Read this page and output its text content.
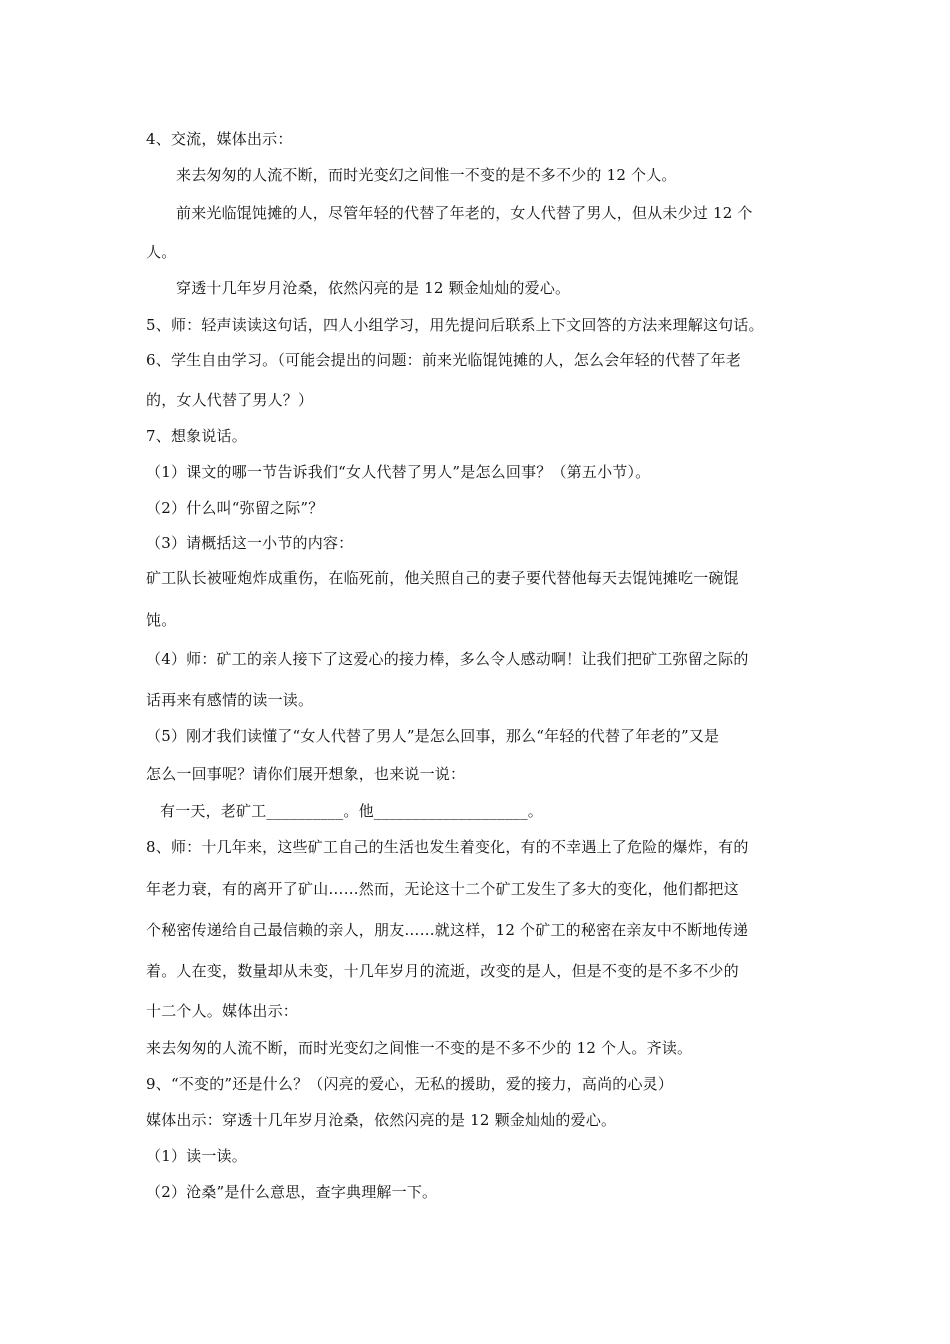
4、交流，媒体出示：
来去匆匆的人流不断，而时光变幻之间惟一不变的是不多不少的 12 个人。
前来光临馄饨摊的人，尽管年轻的代替了年老的，女人代替了男人，但从未少过 12 个
人。
穿透十几年岁月沧桑，依然闪亮的是 12 颗金灿灿的爱心。
5、师：轻声读读这句话，四人小组学习，用先提问后联系上下文回答的方法来理解这句话。
6、学生自由学习。（可能会提出的问题：前来光临馄饨摊的人，怎么会年轻的代替了年老
的，女人代替了男人？）
7、想象说话。
（1）课文的哪一节告诉我们“女人代替了男人”是怎么回事？（第五小节）。
（2）什么叫“弥留之际”？
（3）请概括这一小节的内容：
矿工队长被哑炮炸成重伤，在临死前，他关照自己的妻子要代替他每天去馄饨摊吃一碗馄
饨。
（4）师：矿工的亲人接下了这爱心的接力棒，多么令人感动啊！让我们把矿工弥留之际的
话再来有感情的读一读。
（5）刚才我们读懂了“女人代替了男人”是怎么回事，那么“年轻的代替了年老的”又是
怎么一回事呢？请你们展开想象，也来说一说：
有一天，老矿工__________。他____________________。
8、师：十几年来，这些矿工自己的生活也发生着变化，有的不幸遇上了危险的爆炸，有的
年老力衰，有的离开了矿山……然而，无论这十二个矿工发生了多大的变化，他们都把这
个秘密传递给自己最信赖的亲人，朋友……就这样，12 个矿工的秘密在亲友中不断地传递
着。人在变，数量却从未变，十几年岁月的流逝，改变的是人，但是不变的是不多不少的
十二个人。媒体出示：
来去匆匆的人流不断，而时光变幻之间惟一不变的是不多不少的 12 个人。齐读。
9、“不变的”还是什么？（闪亮的爱心，无私的援助，爱的接力，高尚的心灵）
媒体出示：穿透十几年岁月沧桑，依然闪亮的是 12 颗金灿灿的爱心。
（1）读一读。
（2）沧桑”是什么意思，查字典理解一下。
